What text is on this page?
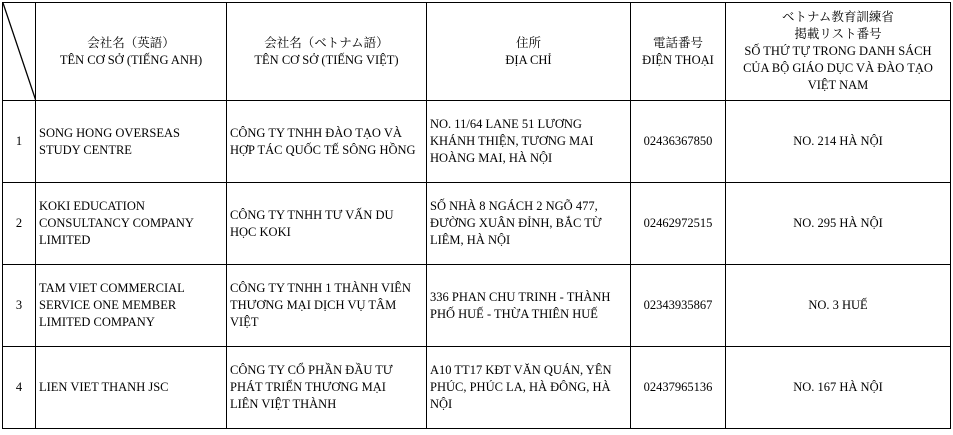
会社名（英語）
TÊN CƠ SỞ (TIẾNG ANH)	会社名（ベトナム語）
TÊN CƠ SỞ (TIẾNG VIỆT)	住所
ĐỊA CHỈ	電話番号
ĐIỆN THOẠI	ベトナム教育訓練省
掲載リスト番号
SỐ THỨ TỰ TRONG DANH SÁCH
CỦA BỘ GIÁO DỤC VÀ ĐÀO TẠO
VIỆT NAM

1	SONG HONG OVERSEAS
STUDY CENTRE	CÔNG TY TNHH ĐÀO TẠO VÀ
HỢP TÁC QUỐC TẾ SÔNG HỒNG	NO. 11/64 LANE 51 LƯƠNG
KHÁNH THIỆN, TƯƠNG MAI
HOÀNG MAI, HÀ NỘI	02436367850	NO. 214 HÀ NỘI
2	KOKI EDUCATION
CONSULTANCY COMPANY
LIMITED	CÔNG TY TNHH TƯ VẤN DU
HỌC KOKI	SỐ NHÀ 8 NGÁCH 2 NGÕ 477,
ĐƯỜNG XUÂN ĐỈNH, BẮC TỪ
LIÊM, HÀ NỘI	02462972515	NO. 295 HÀ NỘI
3	TAM VIET COMMERCIAL
SERVICE ONE MEMBER
LIMITED COMPANY	CÔNG TY TNHH 1 THÀNH VIÊN
THƯƠNG MẠI DỊCH VỤ TÂM
VIỆT	336 PHAN CHU TRINH - THÀNH
PHỐ HUẾ - THỪA THIÊN HUẾ	02343935867	NO. 3 HUẾ
4	LIEN VIET THANH JSC	CÔNG TY CỔ PHẦN ĐẦU TƯ
PHÁT TRIỂN THƯƠNG MẠI
LIÊN VIỆT THÀNH	A10 TT17 KĐT VĂN QUÁN, YÊN
PHÚC, PHÚC LA, HÀ ĐÔNG, HÀ
NỘI	02437965136	NO. 167 HÀ NỘI
